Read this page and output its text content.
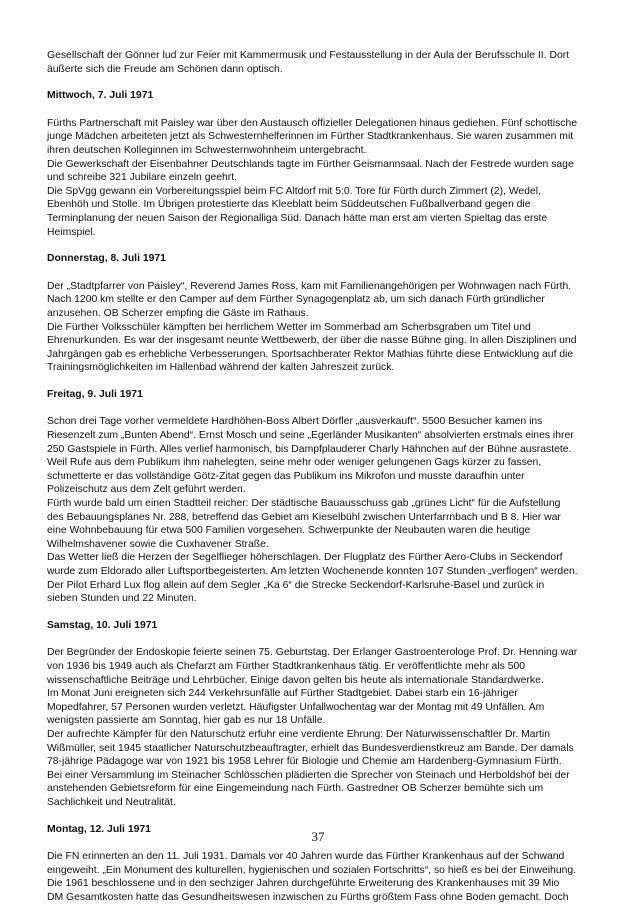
Gesellschaft der Gönner lud zur Feier mit Kammermusik und Festausstellung in der Aula der Berufsschule II. Dort
äußerte sich die Freude am Schönen dann optisch.

Mittwoch, 7. Juli 1971

Fürths Partnerschaft mit Paisley war über den Austausch offizieller Delegationen hinaus gediehen. Fünf schottische
junge Mädchen arbeiteten jetzt als Schwesternhelferinnen im Fürther Stadtkrankenhaus. Sie waren zusammen mit
ihren deutschen Kolleginnen im Schwesternwohnheim untergebracht.
Die Gewerkschaft der Eisenbahner Deutschlands tagte im Fürther Geismannsaal. Nach der Festrede wurden sage
und schreibe 321 Jubilare einzeln geehrt.
Die SpVgg gewann ein Vorbereitungsspiel beim FC Altdorf mit 5:0. Tore für Fürth durch Zimmert (2), Wedel,
Ebenhöh und Stolle. Im Übrigen protestierte das Kleeblatt beim Süddeutschen Fußballverband gegen die
Terminplanung der neuen Saison der Regionalliga Süd. Danach hätte man erst am vierten Spieltag das erste
Heimspiel.

Donnerstag, 8. Juli 1971

Der „Stadtpfarrer von Paisley“, Reverend James Ross, kam mit Familienangehörigen per Wohnwagen nach Fürth.
Nach 1200 km stellte er den Camper auf dem Fürther Synagogenplatz ab, um sich danach Fürth gründlicher
anzusehen. OB Scherzer empfing die Gäste im Rathaus.
Die Fürther Volksschüler kämpften bei herrlichem Wetter im Sommerbad am Scherbsgraben um Titel und
Ehrenurkunden. Es war der insgesamt neunte Wettbewerb, der über die nasse Bühne ging. In allen Disziplinen und
Jahrgängen gab es erhebliche Verbesserungen. Sportsachberater Rektor Mathias führte diese Entwicklung auf die
Trainingsmöglichkeiten im Hallenbad während der kalten Jahreszeit zurück.

Freitag, 9. Juli 1971

Schon drei Tage vorher vermeldete Hardhöhen-Boss Albert Dörfler „ausverkauft“. 5500 Besucher kamen ins
Riesenzelt zum „Bunten Abend“. Ernst Mosch und seine „Egerländer Musikanten“ absolvierten erstmals eines ihrer
250 Gastspiele in Fürth. Alles verlief harmonisch, bis Dampfplauderer Charly Hähnchen auf der Bühne ausrastete.
Weil Rufe aus dem Publikum ihm nahelegten, seine mehr oder weniger gelungenen Gags kürzer zu fassen,
schmetterte er das vollständige Götz-Zitat gegen das Publikum ins Mikrofon und musste daraufhin unter
Polizeischutz aus dem Zelt geführt werden.
Fürth wurde bald um einen Stadtteil reicher: Der städtische Bauausschuss gab „grünes Licht“ für die Aufstellung
des Bebauungsplanes Nr. 288, betreffend das Gebiet am Kieselbühl zwischen Unterfarrnbach und B 8. Hier war
eine Wohnbebauung für etwa 500 Familien vorgesehen. Schwerpunkte der Neubauten waren die heutige
Wilhelmshavener sowie die Cuxhavener Straße.
Das Wetter ließ die Herzen der Segelflieger höherschlagen. Der Flugplatz des Fürther Aero-Clubs in Seckendorf
wurde zum Eldorado aller Luftsportbegeisterten. Am letzten Wochenende konnten 107 Stunden „verflogen“ werden.
Der Pilot Erhard Lux flog allein auf dem Segler „Ka 6“ die Strecke Seckendorf-Karlsruhe-Basel und zurück in
sieben Stunden und 22 Minuten.

Samstag, 10. Juli 1971

Der Begründer der Endoskopie feierte seinen 75. Geburtstag. Der Erlanger Gastroenterologe Prof. Dr. Henning war
von 1936 bis 1949 auch als Chefarzt am Fürther Stadtkrankenhaus tätig. Er veröffentlichte mehr als 500
wissenschaftliche Beiträge und Lehrbücher. Einige davon gelten bis heute als internationale Standardwerke.
Im Monat Juni ereigneten sich 244 Verkehrsunfälle auf Fürther Stadtgebiet. Dabei starb ein 16-jähriger
Mopedfahrer, 57 Personen wurden verletzt. Häufigster Unfallwochentag war der Montag mit 49 Unfällen. Am
wenigsten passierte am Sonntag, hier gab es nur 18 Unfälle.
Der aufrechte Kämpfer für den Naturschutz erfuhr eine verdiente Ehrung: Der Naturwissenschaftler Dr. Martin
Wißmüller, seit 1945 staatlicher Naturschutzbeauftragter, erhielt das Bundesverdienstkreuz am Bande. Der damals
78-jährige Pädagoge war von 1921 bis 1958 Lehrer für Biologie und Chemie am Hardenberg-Gymnasium Fürth.
Bei einer Versammlung im Steinacher Schlösschen plädierten die Sprecher von Steinach und Herboldshof bei der
anstehenden Gebietsreform für eine Eingemeindung nach Fürth. Gastredner OB Scherzer bemühte sich um
Sachlichkeit und Neutralität.

Montag, 12. Juli 1971

Die FN erinnerten an den 11. Juli 1931. Damals vor 40 Jahren wurde das Fürther Krankenhaus auf der Schwand
eingeweiht. „Ein Monument des kulturellen, hygienischen und sozialen Fortschritts“, so hieß es bei der Einweihung.
Die 1961 beschlossene und in den sechziger Jahren durchgeführte Erweiterung des Krankenhauses mit 39 Mio
DM Gesamtkosten hatte das Gesundheitswesen inzwischen zu Fürths größtem Fass ohne Boden gemacht. Doch

37
